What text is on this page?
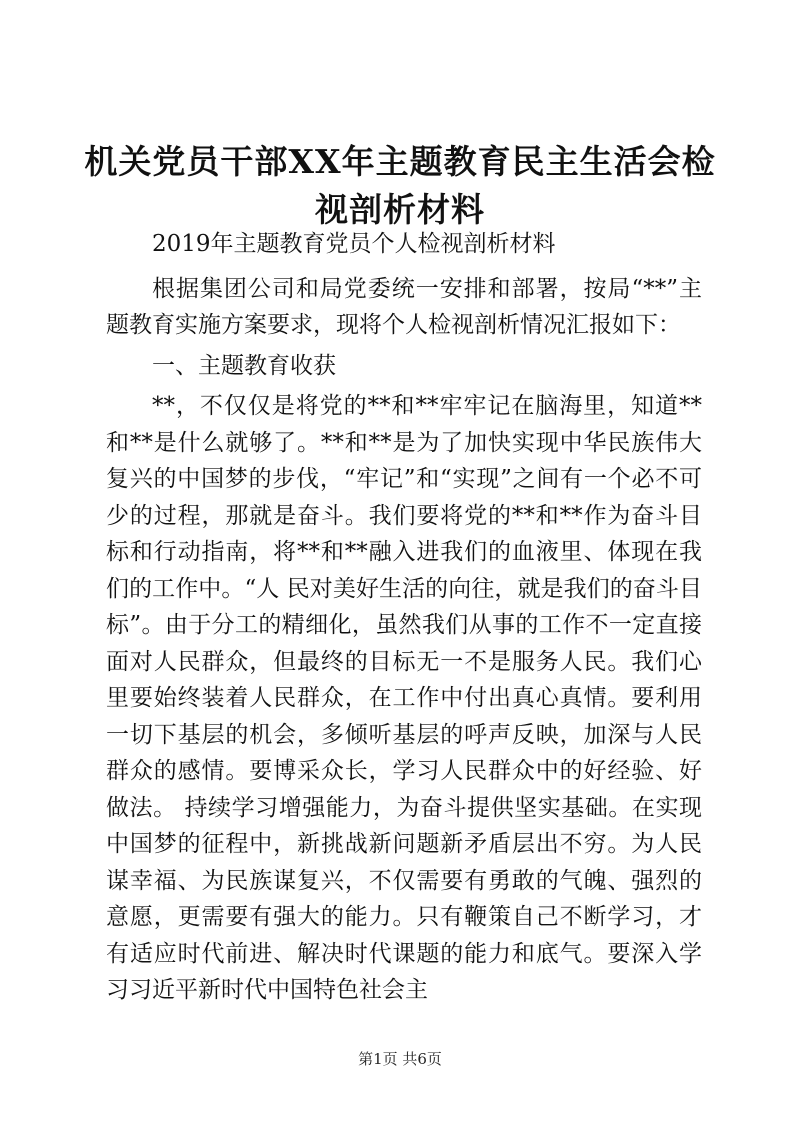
机关党员干部XX年主题教育民主生活会检视剖析材料

2019年主题教育党员个人检视剖析材料

根据集团公司和局党委统一安排和部署，按局“**”主题教育实施方案要求，现将个人检视剖析情况汇报如下：

一、主题教育收获

**，不仅仅是将党的**和**牢牢记在脑海里，知道**和**是什么就够了。**和**是为了加快实现中华民族伟大复兴的中国梦的步伐，“牢记”和“实现”之间有一个必不可少的过程，那就是奋斗。我们要将党的**和**作为奋斗目标和行动指南，将**和**融入进我们的血液里、体现在我们的工作中。“人 民对美好生活的向往，就是我们的奋斗目标”。由于分工的精细化，虽然我们从事的工作不一定直接面对人民群众，但最终的目标无一不是服务人民。我们心里要始终装着人民群众，在工作中付出真心真情。要利用一切下基层的机会，多倾听基层的呼声反映，加深与人民群众的感情。要博采众长，学习人民群众中的好经验、好做法。 持续学习增强能力，为奋斗提供坚实基础。在实现中国梦的征程中，新挑战新问题新矛盾层出不穷。为人民谋幸福、为民族谋复兴，不仅需要有勇敢的气魄、强烈的意愿，更需要有强大的能力。只有鞭策自己不断学习，才有适应时代前进、解决时代课题的能力和底气。要深入学习习近平新时代中国特色社会主

第1页 共6页
